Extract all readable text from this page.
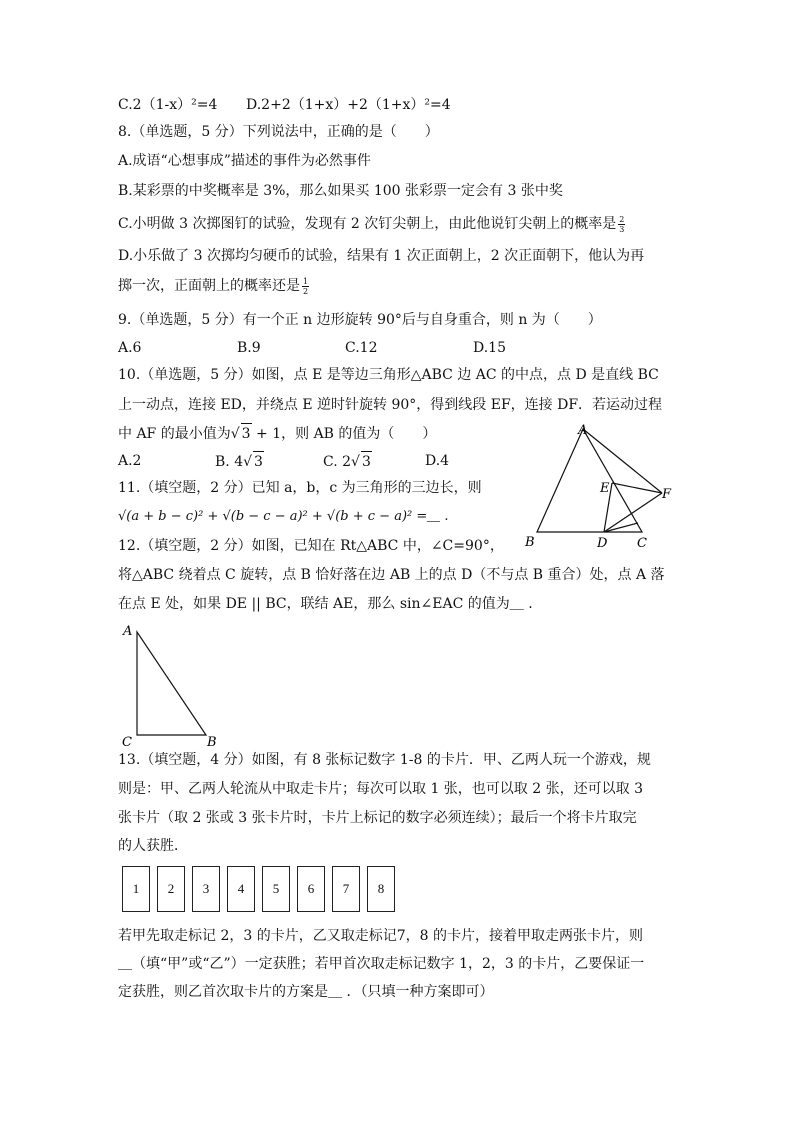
C.2（1-x）²=4 D.2+2（1+x）+2（1+x）²=4
8.（单选题，5 分）下列说法中，正确的是（　　）
A.成语“心想事成”描述的事件为必然事件
B.某彩票的中奖概率是 3%，那么如果买 100 张彩票一定会有 3 张中奖
C.小明做 3 次掷图钉的试验，发现有 2 次钉尖朝上，由此他说钉尖朝上的概率是 $\frac{2}{3}$
D.小乐做了 3 次掷均匀硬币的试验，结果有 1 次正面朝上，2 次正面朝下，他认为再
掷一次，正面朝上的概率还是 $\frac{1}{2}$
9.（单选题，5 分）有一个正 n 边形旋转 90°后与自身重合，则 n 为（　　）
A.6	B.9	C.12	D.15
10.（单选题，5 分）如图，点 E 是等边三角形△ABC 边 AC 的中点，点 D 是直线 BC
上一动点，连接 ED，并绕点 E 逆时针旋转 90°，得到线段 EF，连接 DF．若运动过程
中 AF 的最小值为√ 3 + 1，则 AB 的值为（　　）
A.2	B. 4√ 3	C. 2√ 3	D.4
11.（填空题，2 分）已知 a，b，c 为三角形的三边长，则
√(a + b − c)² + √(b − c − a)² + √(b + c − a)² =＿ .
12.（填空题，2 分）如图，已知在 Rt△ABC 中，∠C=90°，
将△ABC 绕着点 C 旋转，点 B 恰好落在边 AB 上的点 D（不与点 B 重合）处，点 A 落
在点 E 处，如果 DE || BC，联结 AE，那么 sin∠EAC 的值为＿ .
A
B	C
D
E	F
A
C	B
13.（填空题，4 分）如图，有 8 张标记数字 1-8 的卡片．甲、乙两人玩一个游戏，规
则是：甲、乙两人轮流从中取走卡片；每次可以取 1 张，也可以取 2 张，还可以取 3
张卡片（取 2 张或 3 张卡片时，卡片上标记的数字必须连续）；最后一个将卡片取完
的人获胜．
1	2	3	4	5	6	7	8
若甲先取走标记 2，3 的卡片，乙又取走标记7，8 的卡片，接着甲取走两张卡片，则
＿（填“甲”或“乙”）一定获胜；若甲首次取走标记数字 1，2，3 的卡片，乙要保证一
定获胜，则乙首次取卡片的方案是＿ ．（只填一种方案即可）
